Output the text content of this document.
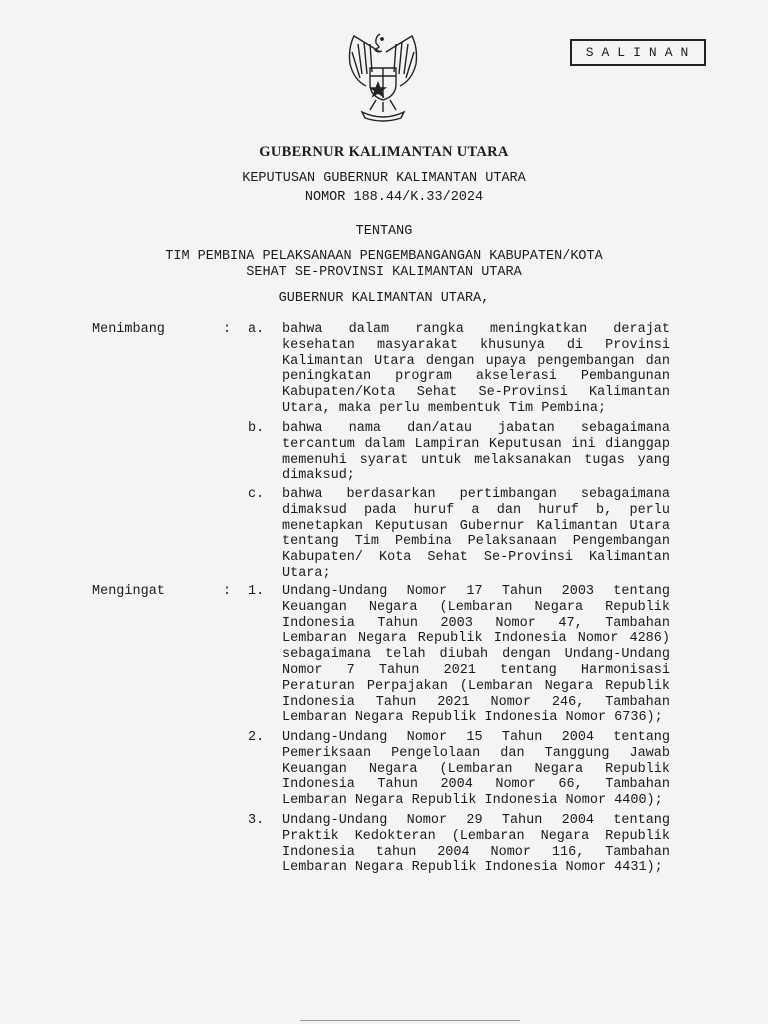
SALINAN
GUBERNUR KALIMANTAN UTARA
KEPUTUSAN GUBERNUR KALIMANTAN UTARA
NOMOR 188.44/K.33/2024
TENTANG
TIM PEMBINA PELAKSANAAN PENGEMBANGANGAN KABUPATEN/KOTA
SEHAT SE-PROVINSI KALIMANTAN UTARA
GUBERNUR KALIMANTAN UTARA,
Menimbang	: a. bahwa dalam rangka meningkatkan derajat
kesehatan masyarakat khusunya di Provinsi
Kalimantan Utara dengan upaya pengembangan dan
peningkatan program akselerasi Pembangunan
Kabupaten/Kota Sehat Se-Provinsi Kalimantan
Utara, maka perlu membentuk Tim Pembina;
b. bahwa nama dan/atau jabatan sebagaimana
tercantum dalam Lampiran Keputusan ini dianggap
memenuhi syarat untuk melaksanakan tugas yang
dimaksud;
c. bahwa berdasarkan pertimbangan sebagaimana
dimaksud pada huruf a dan huruf b, perlu
menetapkan Keputusan Gubernur Kalimantan Utara
tentang Tim Pembina Pelaksanaan Pengembangan
Kabupaten/ Kota Sehat Se-Provinsi Kalimantan
Utara;
Mengingat	: 1. Undang-Undang Nomor 17 Tahun 2003 tentang
Keuangan Negara (Lembaran Negara Republik
Indonesia Tahun 2003 Nomor 47, Tambahan
Lembaran Negara Republik Indonesia Nomor 4286)
sebagaimana telah diubah dengan Undang-Undang
Nomor 7 Tahun 2021 tentang Harmonisasi
Peraturan Perpajakan (Lembaran Negara Republik
Indonesia Tahun 2021 Nomor 246, Tambahan
Lembaran Negara Republik Indonesia Nomor 6736);
2. Undang-Undang Nomor 15 Tahun 2004 tentang
Pemeriksaan Pengelolaan dan Tanggung Jawab
Keuangan Negara (Lembaran Negara Republik
Indonesia Tahun 2004 Nomor 66, Tambahan
Lembaran Negara Republik Indonesia Nomor 4400);
3. Undang-Undang Nomor 29 Tahun 2004 tentang
Praktik Kedokteran (Lembaran Negara Republik
Indonesia tahun 2004 Nomor 116, Tambahan
Lembaran Negara Republik Indonesia Nomor 4431);
